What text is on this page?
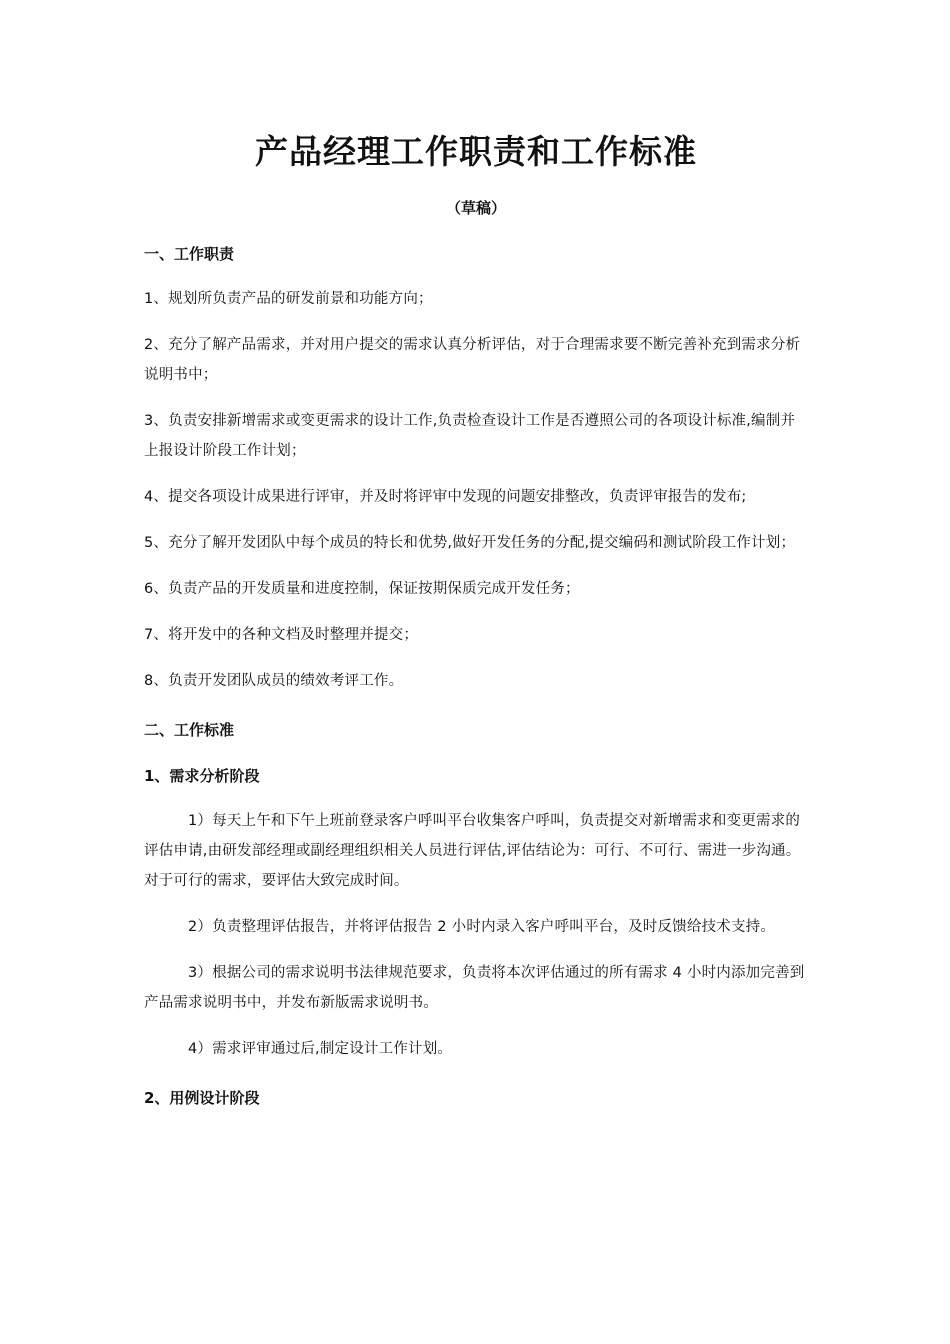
产品经理工作职责和工作标准
（草稿）
一、工作职责

1、规划所负责产品的研发前景和功能方向；

2、充分了解产品需求，并对用户提交的需求认真分析评估，对于合理需求要不断完善补充到需求分析说明书中；

3、负责安排新增需求或变更需求的设计工作,负责检查设计工作是否遵照公司的各项设计标准,编制并上报设计阶段工作计划；

4、提交各项设计成果进行评审，并及时将评审中发现的问题安排整改，负责评审报告的发布;

5、充分了解开发团队中每个成员的特长和优势,做好开发任务的分配,提交编码和测试阶段工作计划；

6、负责产品的开发质量和进度控制，保证按期保质完成开发任务；

7、将开发中的各种文档及时整理并提交；

8、负责开发团队成员的绩效考评工作。

二、工作标准
1、需求分析阶段

1）每天上午和下午上班前登录客户呼叫平台收集客户呼叫，负责提交对新增需求和变更需求的评估申请,由研发部经理或副经理组织相关人员进行评估,评估结论为：可行、不可行、需进一步沟通。对于可行的需求，要评估大致完成时间。

2）负责整理评估报告，并将评估报告 2 小时内录入客户呼叫平台，及时反馈给技术支持。

3）根据公司的需求说明书法律规范要求，负责将本次评估通过的所有需求 4 小时内添加完善到产品需求说明书中，并发布新版需求说明书。

4）需求评审通过后,制定设计工作计划。

2、用例设计阶段
